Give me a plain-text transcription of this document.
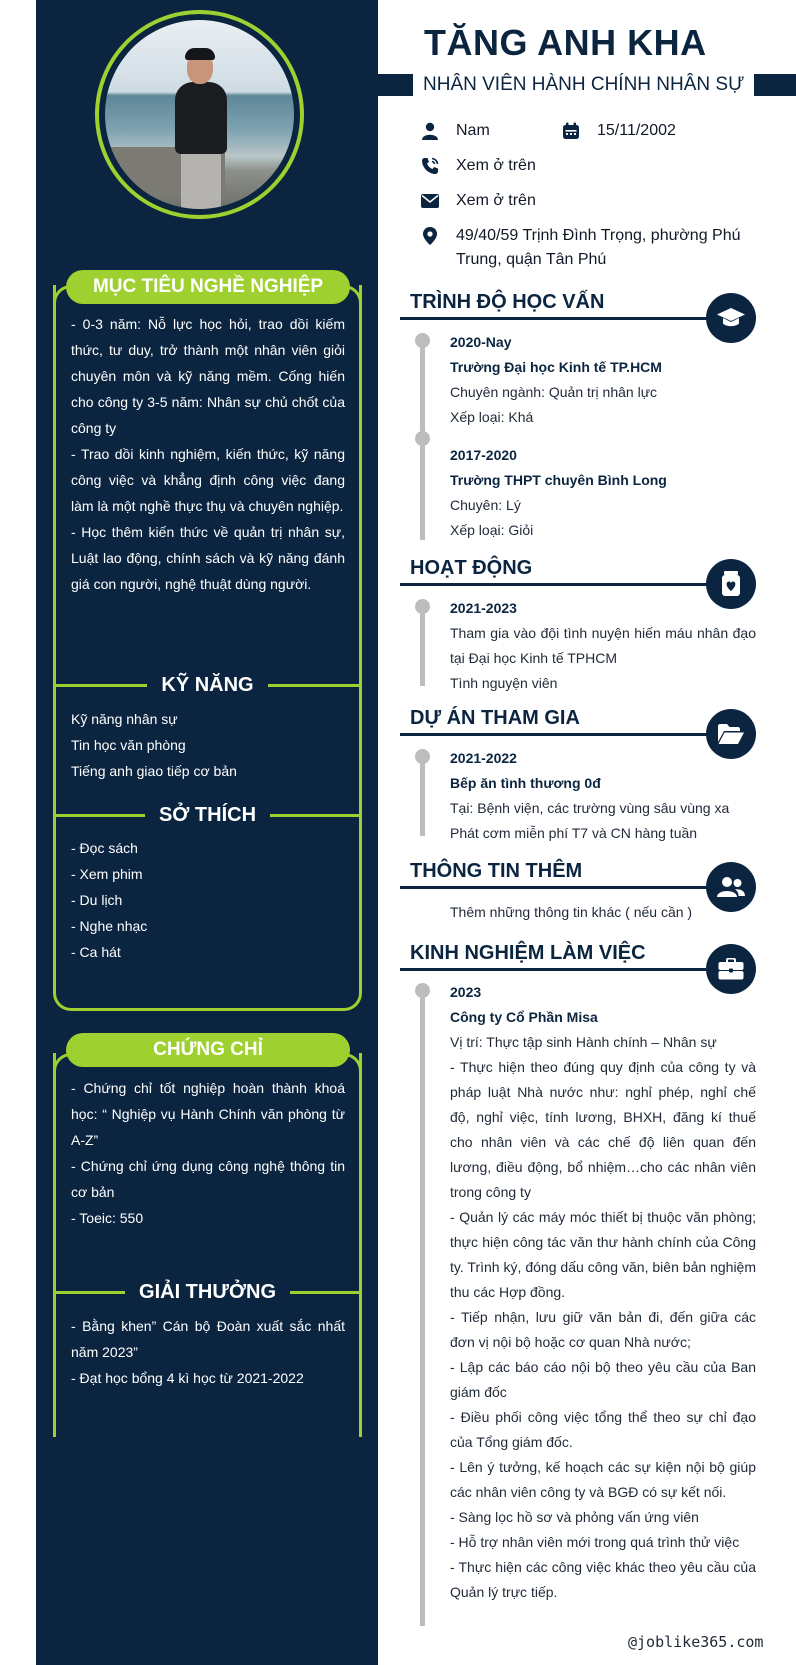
MỤC TIÊU NGHỀ NGHIỆP

- 0-3 năm: Nỗ lực học hỏi, trao dồi kiếm thức, tư duy, trở thành một nhân viên giỏi chuyên môn và kỹ năng mềm. Cống hiến cho công ty 3-5 năm: Nhân sự chủ chốt của công ty

- Trao dồi kinh nghiệm, kiến thức, kỹ năng công việc và khẳng định công việc đang làm là một nghề thực thụ và chuyên nghiệp.

- Học thêm kiến thức về quản trị nhân sự, Luật lao động, chính sách và kỹ năng đánh giá con người, nghệ thuật dùng người.

KỸ NĂNG

Kỹ năng nhân sự

Tin học văn phòng

Tiếng anh giao tiếp cơ bản

SỞ THÍCH

- Đọc sách

- Xem phim

- Du lịch

- Nghe nhạc

- Ca hát

CHỨNG CHỈ

- Chứng chỉ tốt nghiệp hoàn thành khoá học: “ Nghiệp vụ Hành Chính văn phòng từ A-Z”

- Chứng chỉ ứng dụng công nghệ thông tin cơ bản

- Toeic: 550

GIẢI THƯỞNG

- Bằng khen” Cán bộ Đoàn xuất sắc nhất năm 2023”

- Đạt học bổng 4 kì học từ 2021-2022

TĂNG ANH KHA
NHÂN VIÊN HÀNH CHÍNH NHÂN SỰ
Nam	15/11/2002
Xem ở trên
Xem ở trên
49/40/59 Trịnh Đình Trọng, phường Phú Trung, quận Tân Phú
TRÌNH ĐỘ HỌC VẤN
2020-Nay
Trường Đại học Kinh tế TP.HCM
Chuyên ngành: Quản trị nhân lực
Xếp loại: Khá
2017-2020
Trường THPT chuyên Bình Long
Chuyên: Lý
Xếp loại: Giỏi
HOẠT ĐỘNG
2021-2023

Tham gia vào đội tình nuyện hiến máu nhân đạo tại Đại học Kinh tế TPHCM

Tình nguyện viên
DỰ ÁN THAM GIA
2021-2022
Bếp ăn tình thương 0đ
Tại: Bệnh viện, các trường vùng sâu vùng xa
Phát cơm miễn phí T7 và CN hàng tuần
THÔNG TIN THÊM
Thêm những thông tin khác ( nếu cần )
KINH NGHIỆM LÀM VIỆC
2023
Công ty Cổ Phần Misa
Vị trí: Thực tập sinh Hành chính – Nhân sự

- Thực hiện theo đúng quy định của công ty và pháp luật Nhà nước như: nghỉ phép, nghỉ chế độ, nghỉ việc, tính lương, BHXH, đăng kí thuế cho nhân viên và các chế độ liên quan đến lương, điều động, bổ nhiệm…cho các nhân viên trong công ty

- Quản lý các máy móc thiết bị thuộc văn phòng; thực hiện công tác văn thư hành chính của Công ty. Trình ký, đóng dấu công văn, biên bản nghiệm thu các Hợp đồng.

- Tiếp nhận, lưu giữ văn bản đi, đến giữa các đơn vị nội bộ hoặc cơ quan Nhà nước;

- Lập các báo cáo nội bộ theo yêu cầu của Ban giám đốc

- Điều phối công việc tổng thể theo sự chỉ đạo của Tổng giám đốc.

- Lên ý tưởng, kế hoạch các sự kiện nội bộ giúp các nhân viên công ty và BGĐ có sự kết nối.

- Sàng lọc hồ sơ và phỏng vấn ứng viên

- Hỗ trợ nhân viên mới trong quá trình thử việc

- Thực hiện các công việc khác theo yêu cầu của Quản lý trực tiếp.

@joblike365.com
